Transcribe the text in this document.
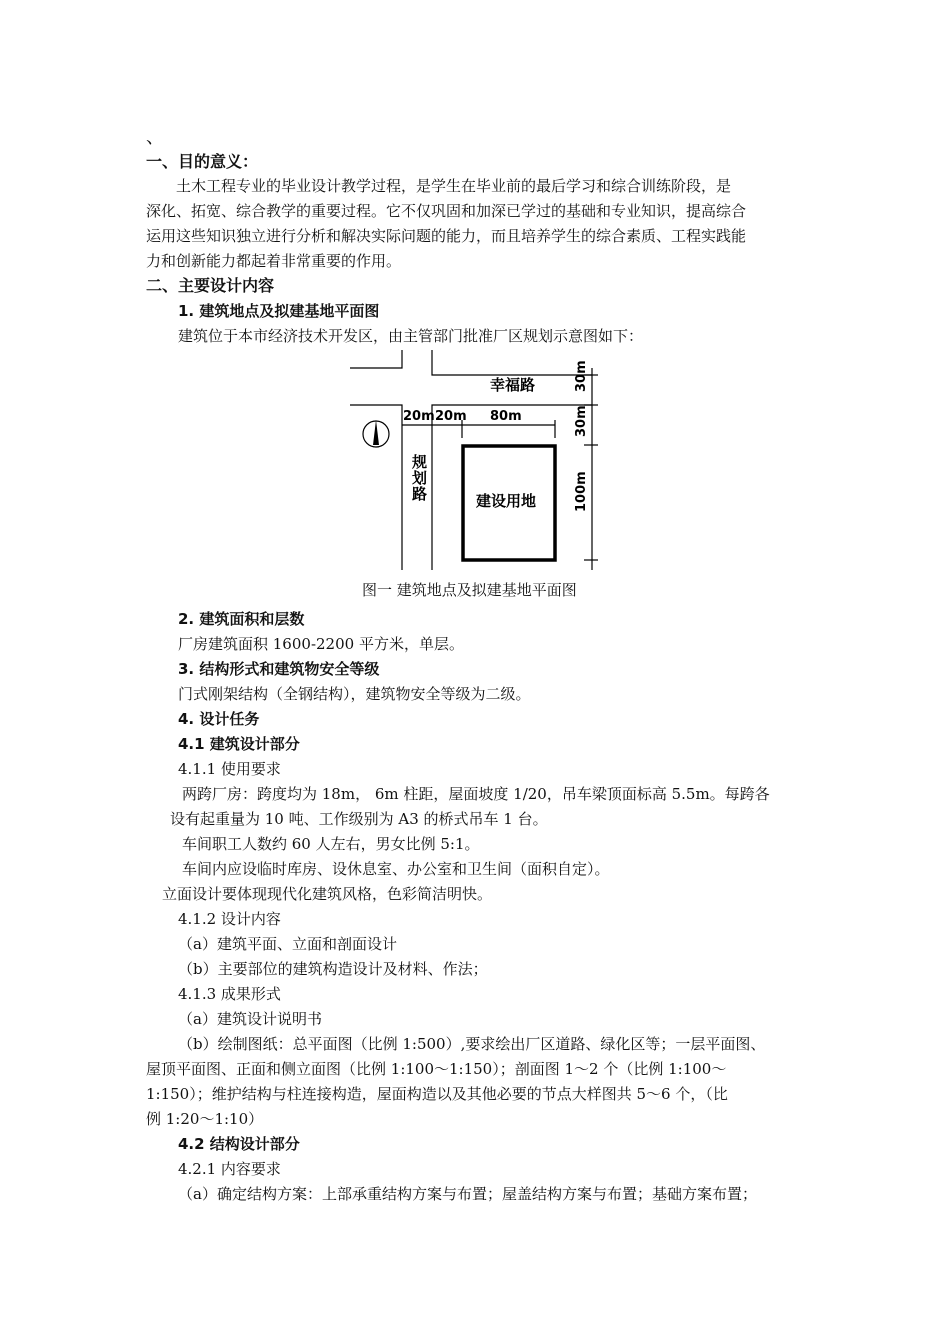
、
一、目的意义：
土木工程专业的毕业设计教学过程，是学生在毕业前的最后学习和综合训练阶段，是
深化、拓宽、综合教学的重要过程。它不仅巩固和加深已学过的基础和专业知识，提高综合
运用这些知识独立进行分析和解决实际问题的能力，而且培养学生的综合素质、工程实践能
力和创新能力都起着非常重要的作用。
二、主要设计内容
1. 建筑地点及拟建基地平面图
建筑位于本市经济技术开发区，由主管部门批准厂区规划示意图如下：
幸福路
规
划
路	建设用地
20m 20m 80m
30m
30m
100m
图一 建筑地点及拟建基地平面图
2. 建筑面积和层数
厂房建筑面积 1600-2200 平方米，单层。
3. 结构形式和建筑物安全等级
门式刚架结构（全钢结构），建筑物安全等级为二级。
4. 设计任务
4.1 建筑设计部分
4.1.1 使用要求
两跨厂房：跨度均为 18m， 6m 柱距，屋面坡度 1/20，吊车梁顶面标高 5.5m。每跨各
设有起重量为 10 吨、工作级别为 A3 的桥式吊车 1 台。
车间职工人数约 60 人左右，男女比例 5:1。
车间内应设临时库房、设休息室、办公室和卫生间（面积自定）。
立面设计要体现现代化建筑风格，色彩简洁明快。
4.1.2 设计内容
（a）建筑平面、立面和剖面设计
（b）主要部位的建筑构造设计及材料、作法；
4.1.3 成果形式
（a）建筑设计说明书
（b）绘制图纸：总平面图（比例 1:500）,要求绘出厂区道路、绿化区等；一层平面图、
屋顶平面图、正面和侧立面图（比例 1:100～1:150）；剖面图 1～2 个（比例 1:100～
1:150）；维护结构与柱连接构造，屋面构造以及其他必要的节点大样图共 5～6 个，（比
例 1:20～1:10）
4.2 结构设计部分
4.2.1 内容要求
（a）确定结构方案：上部承重结构方案与布置；屋盖结构方案与布置；基础方案布置；
